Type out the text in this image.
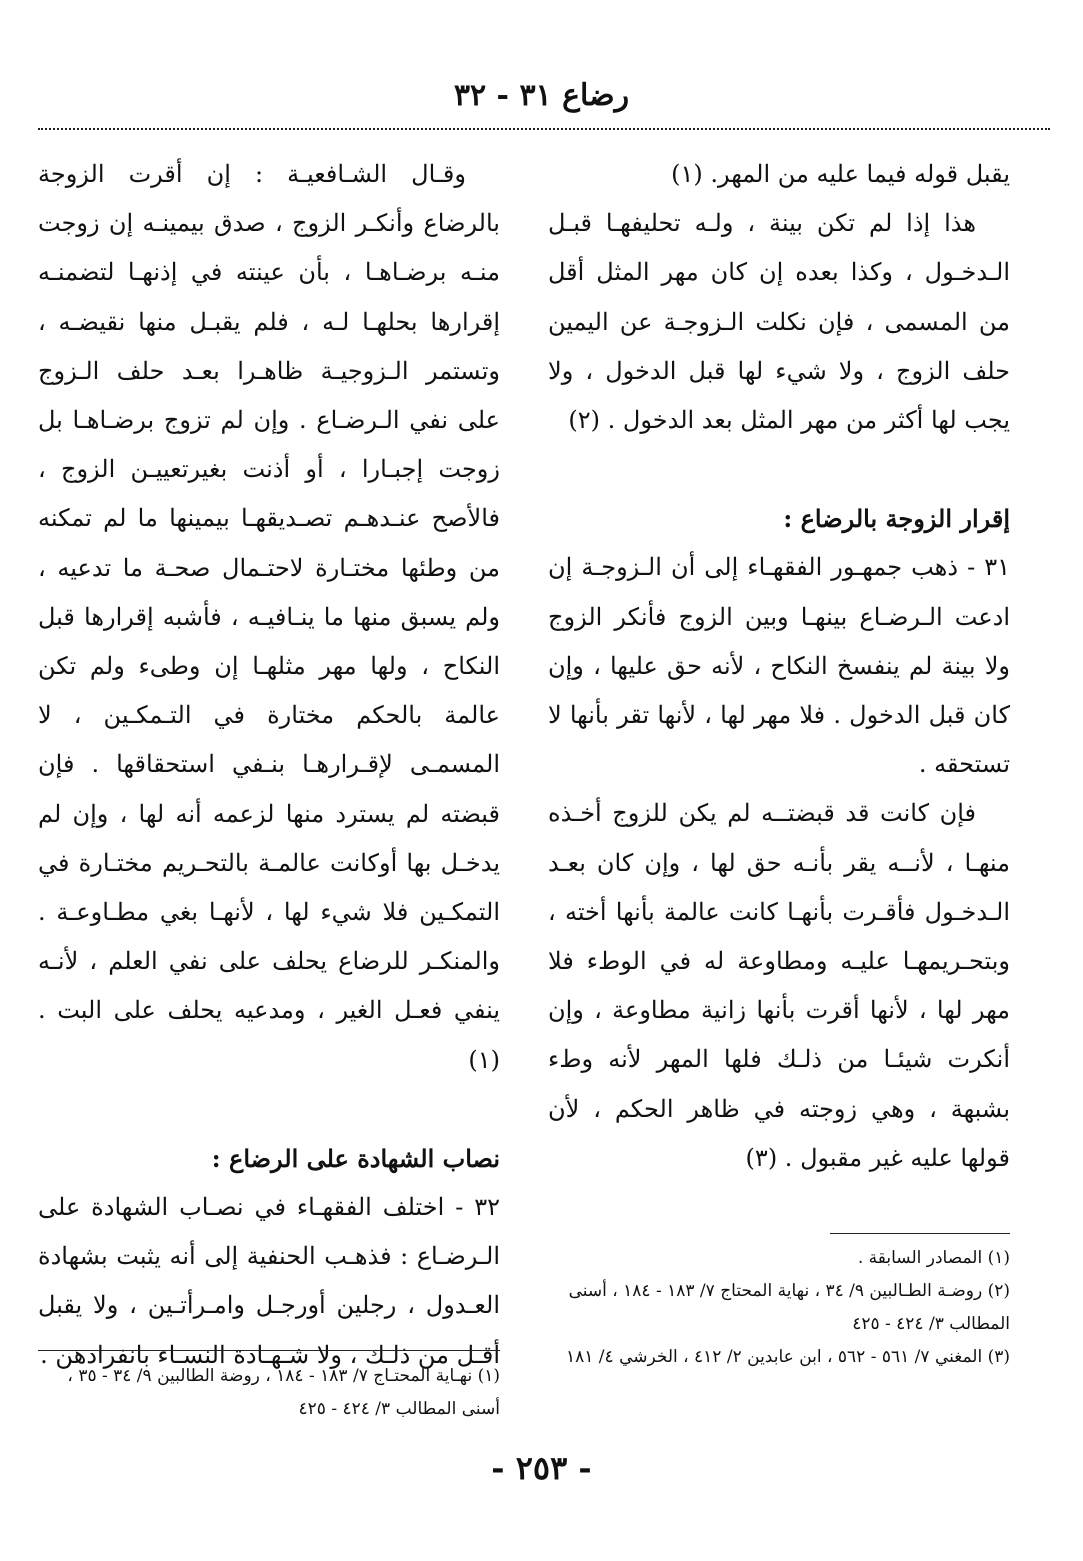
رضاع ٣١ - ٣٢

يقبل قوله فيما عليه من المهر. (١)

هذا إذا لم تكن بينة ، ولـه تحليفهـا قبـل الـدخـول ، وكذا بعده إن كان مهر المثل أقل من المسمى ، فإن نكلت الـزوجـة عن اليمين حلف الزوج ، ولا شيء لها قبل الدخول ، ولا يجب لها أكثر من مهر المثل بعد الدخول . (٢)

إقرار الزوجة بالرضاع :

٣١ - ذهب جمهـور الفقهـاء إلى أن الـزوجـة إن ادعت الـرضـاع بينهـا وبين الزوج فأنكر الزوج ولا بينة لم ينفسخ النكاح ، لأنه حق عليها ، وإن كان قبل الدخول . فلا مهر لها ، لأنها تقر بأنها لا تستحقه .

فإن كانت قد قبضتــه لم يكن للزوج أخـذه منهـا ، لأنــه يقر بأنـه حق لها ، وإن كان بعـد الـدخـول فأقـرت بأنهـا كانت عالمة بأنها أخته ، وبتحـريمهـا عليـه ومطاوعة له في الوطء فلا مهر لها ، لأنها أقرت بأنها زانية مطاوعة ، وإن أنكرت شيئـا من ذلـك فلها المهر لأنه وطء بشبهة ، وهي زوجته في ظاهر الحكم ، لأن قولها عليه غير مقبول . (٣)

وقـال الشـافعيـة : إن أقرت الزوجة بالرضاع وأنكـر الزوج ، صدق بيمينـه إن زوجت منـه برضـاهـا ، بأن عينته في إذنهـا لتضمنـه إقرارها بحلهـا لـه ، فلم يقبـل منها نقيضـه ، وتستمر الـزوجيـة ظاهـرا بعـد حلف الـزوج على نفي الـرضـاع . وإن لم تزوج برضـاهـا بل زوجت إجبـارا ، أو أذنت بغيرتعييـن الزوج ، فالأصح عنـدهـم تصـديقهـا بيمينها ما لم تمكنه من وطئها مختـارة لاحتـمال صحـة ما تدعيه ، ولم يسبق منها ما ينـافيـه ، فأشبه إقرارها قبل النكاح ، ولها مهر مثلهـا إن وطىء ولم تكن عالمة بالحكم مختارة في التـمكـين ، لا المسمـى لإقـرارهـا بنـفي استحقاقها . فإن قبضته لم يسترد منها لزعمه أنه لها ، وإن لم يدخـل بها أوكانت عالمـة بالتحـريم مختـارة في التمكـين فلا شيء لها ، لأنهـا بغي مطـاوعـة . والمنكـر للرضاع يحلف على نفي العلم ، لأنـه ينفي فعـل الغير ، ومدعيه يحلف على البت . (١)

نصاب الشهادة على الرضاع :

٣٢ - اختلف الفقهـاء في نصـاب الشهادة على الـرضـاع : فذهـب الحنفية إلى أنه يثبت بشهادة العـدول ، رجلين أورجـل وامـرأتـين ، ولا يقبل أقـل من ذلـك ، ولا شـهـادة النسـاء بانفرادهن .

(١) المصادر السابقة .
(٢) روضـة الطـالبين ٩/ ٣٤ ، نهاية المحتاج ٧/ ١٨٣ - ١٨٤ ، أسنى المطالب ٣/ ٤٢٤ - ٤٢٥
(٣) المغني ٧/ ٥٦١ - ٥٦٢ ، ابن عابدين ٢/ ٤١٢ ، الخرشي ٤/ ١٨١
(١) نهـاية المحتـاج ٧/ ١٨٣ - ١٨٤ ، روضة الطالبين ٩/ ٣٤ - ٣٥ ، أسنى المطالب ٣/ ٤٢٤ - ٤٢٥
- ٢٥٣ -
